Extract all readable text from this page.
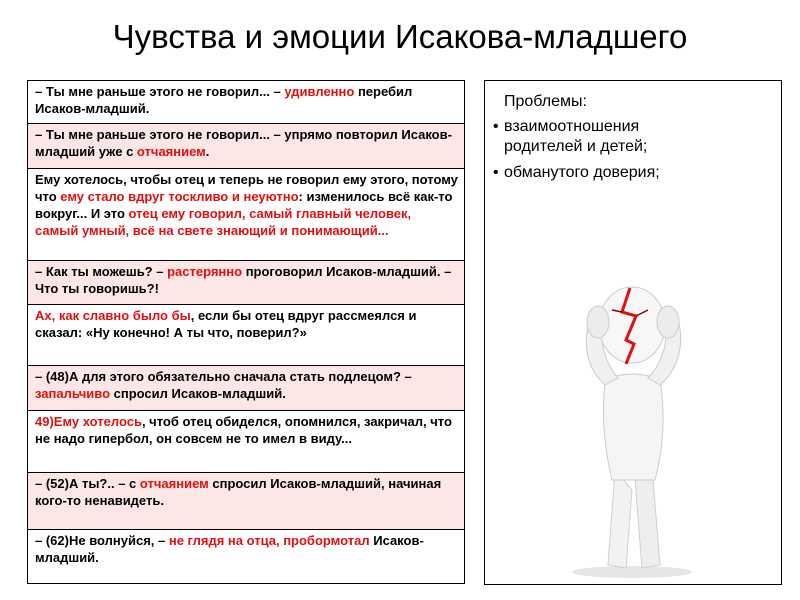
Чувства и эмоции Исакова-младшего
– Ты мне раньше этого не говорил... – удивленно перебил Исаков-младший.
– Ты мне раньше этого не говорил... – упрямо повторил Исаков-младший уже с отчаянием.
Ему хотелось, чтобы отец и теперь не говорил ему этого, потому что ему стало вдруг тоскливо и неуютно: изменилось всё как-то вокруг... И это отец ему говорил, самый главный человек, самый умный, всё на свете знающий и понимающий...
– Как ты можешь? – растерянно проговорил Исаков-младший. – Что ты говоришь?!
Ах, как славно было бы, если бы отец вдруг рассмеялся и сказал: «Ну конечно! А ты что, поверил?»
– (48)А для этого обязательно сначала стать подлецом? – запальчиво спросил Исаков-младший.
49)Ему хотелось, чтоб отец обиделся, опомнился, закричал, что не надо гипербол, он совсем не то имел в виду...
– (52)А ты?.. – с отчаянием спросил Исаков-младший, начиная кого-то ненавидеть.
– (62)Не волнуйся, – не глядя на отца, пробормотал Исаков-младший.
Проблемы:
• взаимоотношения родителей и детей;
• обманутого доверия;
